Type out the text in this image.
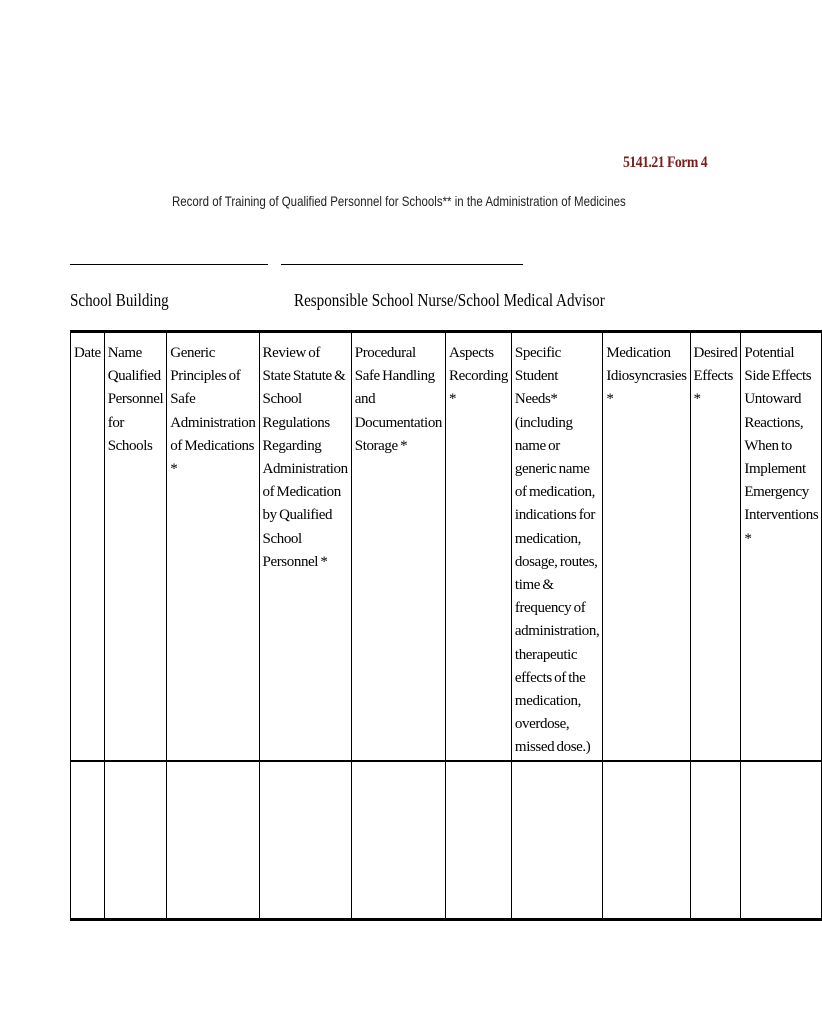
5141.21 Form 4
Record of Training of Qualified Personnel for Schools** in the Administration of Medicines
School Building	Responsible School Nurse/School Medical Advisor
Date	Name Qualified Personnel for Schools	Generic Principles of Safe Administration of Medications *	Review of State Statute & School Regulations Regarding Administration of Medication by Qualified School Personnel *	Procedural Safe Handling and Documentation Storage *	Aspects Recording *	Specific Student Needs* (including name or generic name of medication, indications for medication, dosage, routes, time & frequency of administration, therapeutic effects of the medication, overdose, missed dose.)	Medication Idiosyncrasies *	Desired Effects *	Potential Side Effects Untoward Reactions, When to Implement Emergency Interventions *
